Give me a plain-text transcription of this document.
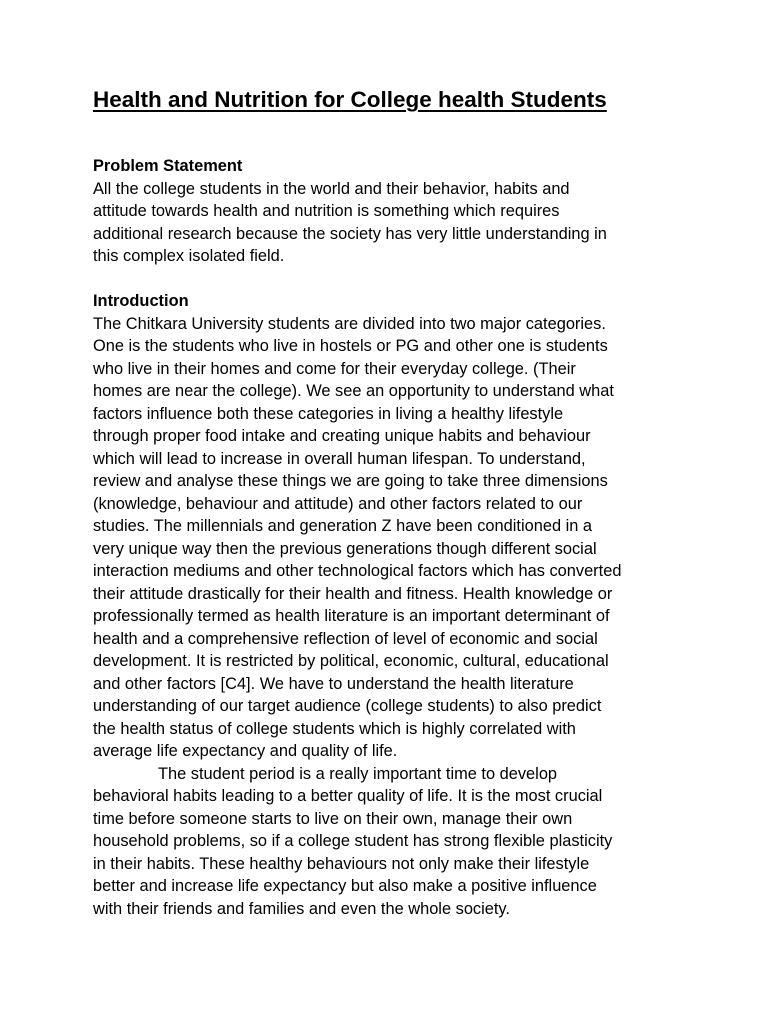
Health and Nutrition for College health Students
Problem Statement
All the college students in the world and their behavior, habits and
attitude towards health and nutrition is something which requires
additional research because the society has very little understanding in
this complex isolated field.
Introduction
The Chitkara University students are divided into two major categories.
One is the students who live in hostels or PG and other one is students
who live in their homes and come for their everyday college. (Their
homes are near the college). We see an opportunity to understand what
factors influence both these categories in living a healthy lifestyle
through proper food intake and creating unique habits and behaviour
which will lead to increase in overall human lifespan. To understand,
review and analyse these things we are going to take three dimensions
(knowledge, behaviour and attitude) and other factors related to our
studies. The millennials and generation Z have been conditioned in a
very unique way then the previous generations though different social
interaction mediums and other technological factors which has converted
their attitude drastically for their health and fitness. Health knowledge or
professionally termed as health literature is an important determinant of
health and a comprehensive reflection of level of economic and social
development. It is restricted by political, economic, cultural, educational
and other factors [C4]. We have to understand the health literature
understanding of our target audience (college students) to also predict
the health status of college students which is highly correlated with
average life expectancy and quality of life.
The student period is a really important time to develop
behavioral habits leading to a better quality of life. It is the most crucial
time before someone starts to live on their own, manage their own
household problems, so if a college student has strong flexible plasticity
in their habits. These healthy behaviours not only make their lifestyle
better and increase life expectancy but also make a positive influence
with their friends and families and even the whole society.
